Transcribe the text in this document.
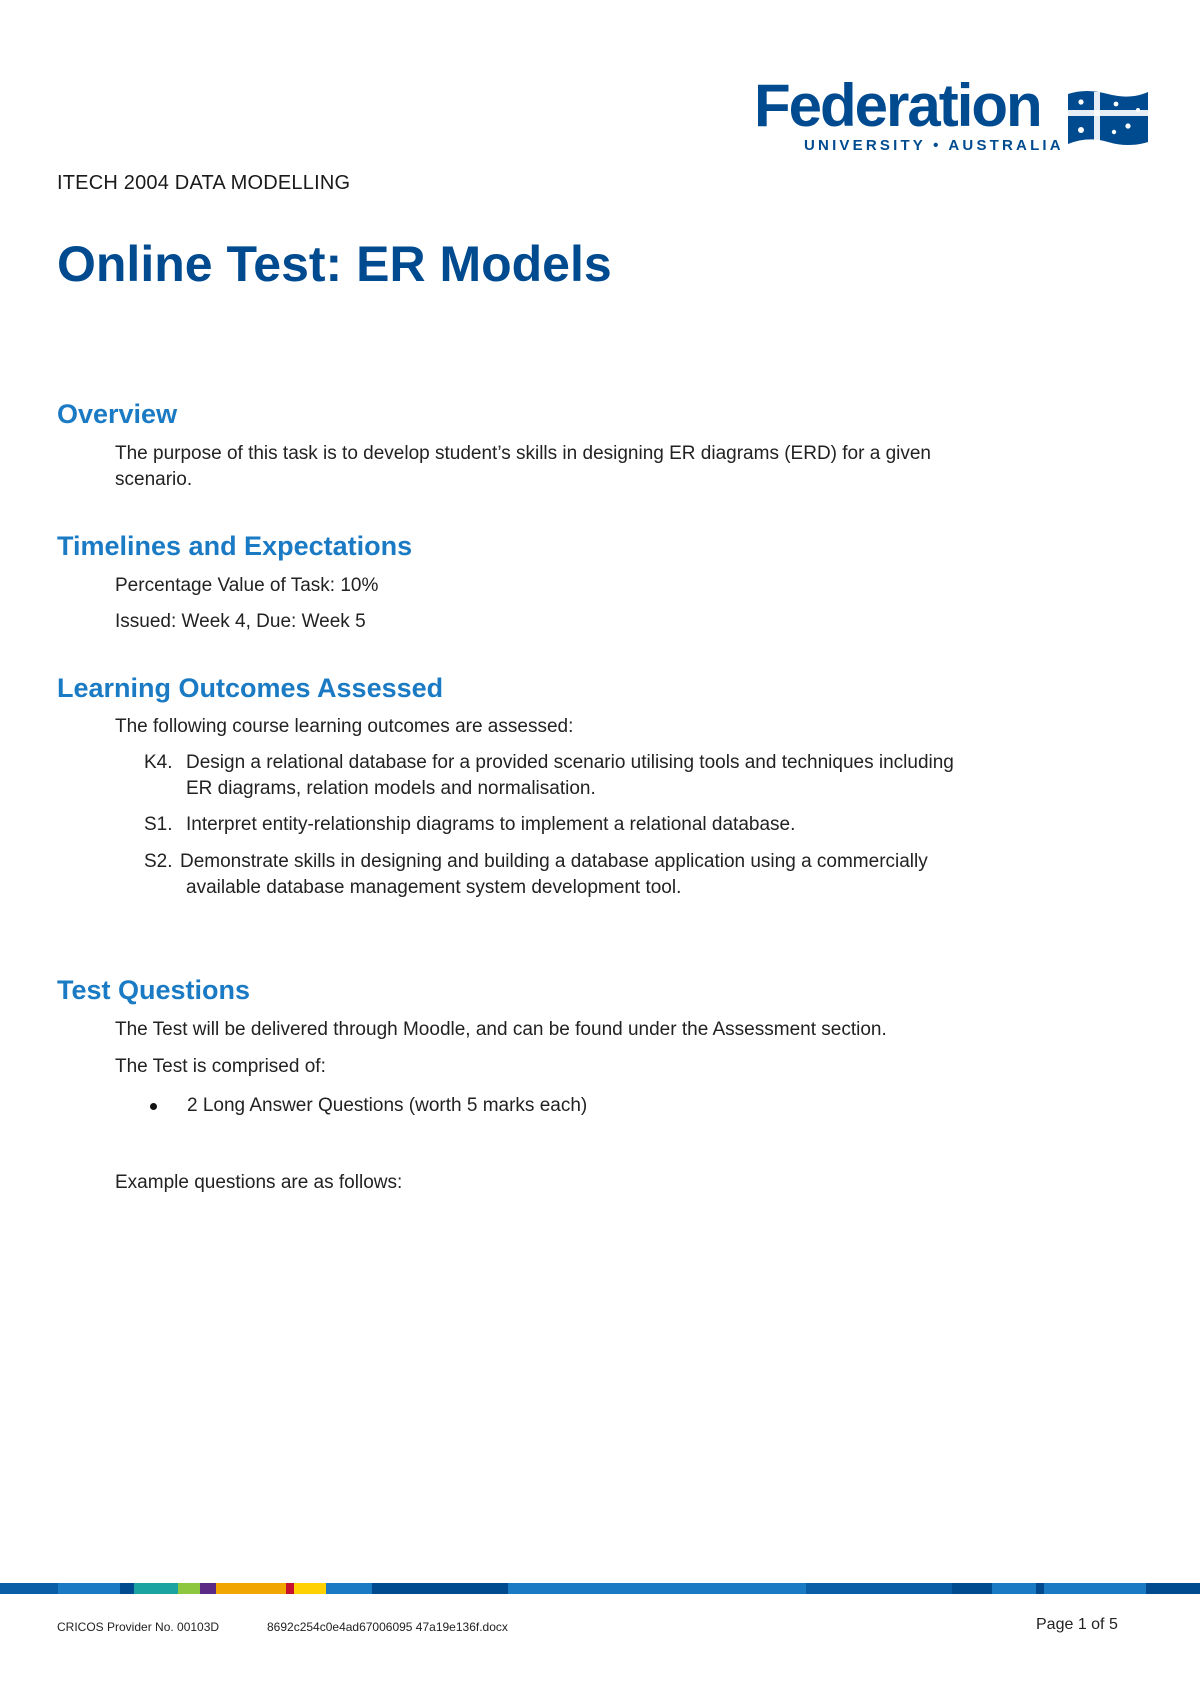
Federation
UNIVERSITY • AUSTRALIA
ITECH 2004 DATA MODELLING
Online Test: ER Models
Overview
The purpose of this task is to develop student’s skills in designing ER diagrams (ERD) for a given
scenario.
Timelines and Expectations
Percentage Value of Task: 10%
Issued: Week 4, Due: Week 5
Learning Outcomes Assessed
The following course learning outcomes are assessed:
K4. Design a relational database for a provided scenario utilising tools and techniques including
ER diagrams, relation models and normalisation.
S1. Interpret entity-relationship diagrams to implement a relational database.
S2. Demonstrate skills in designing and building a database application using a commercially
available database management system development tool.
Test Questions
The Test will be delivered through Moodle, and can be found under the Assessment section.
The Test is comprised of:
2 Long Answer Questions (worth 5 marks each)
Example questions are as follows:
CRICOS Provider No. 00103D	8692c254c0e4ad67006095 47a19e136f.docx	Page 1 of 5
